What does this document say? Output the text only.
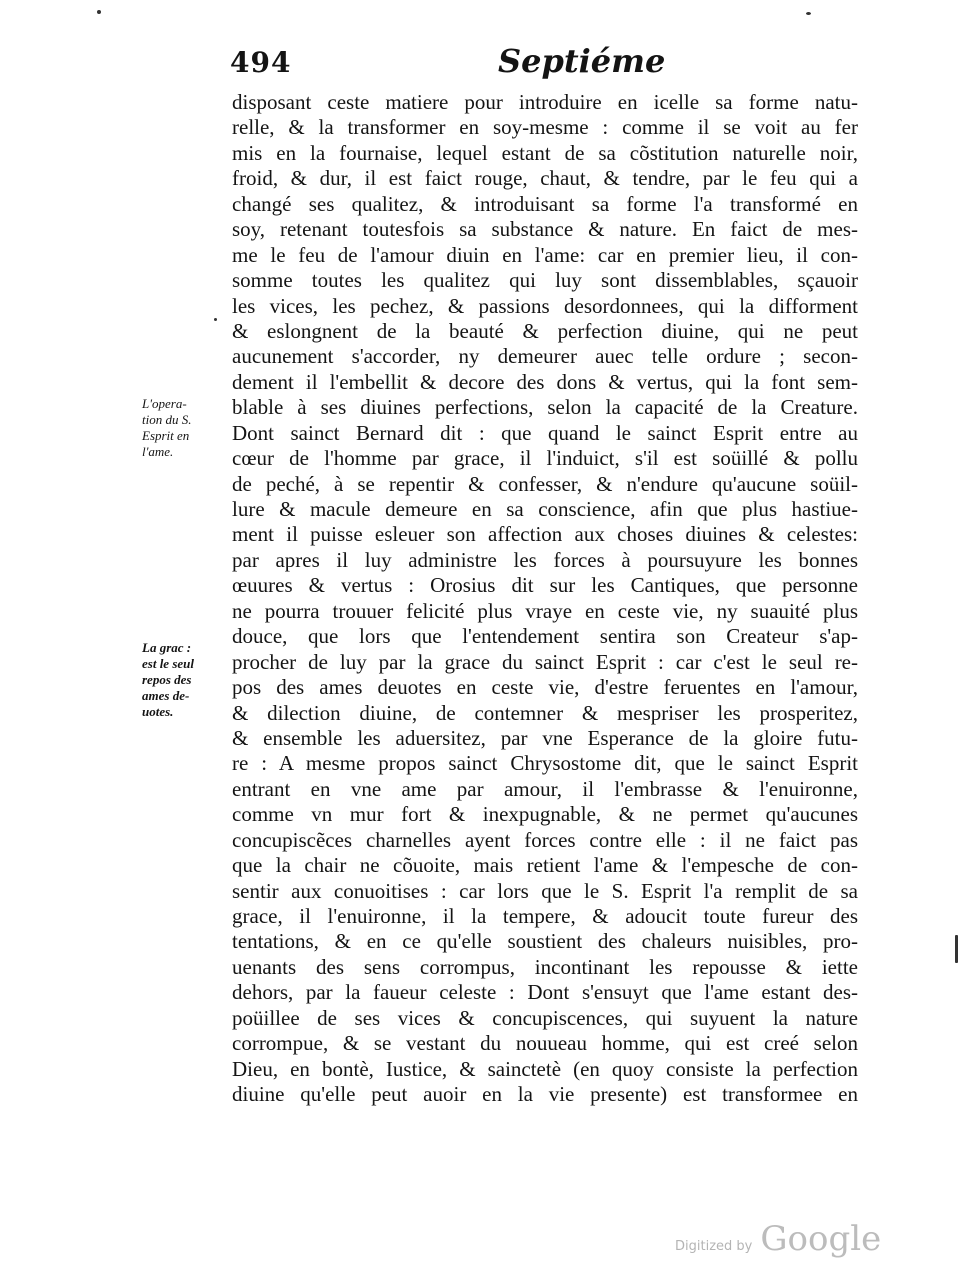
494	Septiéme
L'opera-
tion du S.
Esprit en
l'ame.
La grac :
est le seul
repos des
ames de-
uotes.
disposant ceste matiere pour introduire en icelle sa forme natu-
relle, & la transformer en soy-mesme : comme il se voit au fer
mis en la fournaise, lequel estant de sa cõstitution naturelle noir,
froid, & dur, il est faict rouge, chaut, & tendre, par le feu qui a
changé ses qualitez, & introduisant sa forme l'a transformé en
soy, retenant toutesfois sa substance & nature. En faict de mes-
me le feu de l'amour diuin en l'ame: car en premier lieu, il con-
somme toutes les qualitez qui luy sont dissemblables, sçauoir
les vices, les pechez, & passions desordonnees, qui la difforment
& eslongnent de la beauté & perfection diuine, qui ne peut
aucunement s'accorder, ny demeurer auec telle ordure ; secon-
dement il l'embellit & decore des dons & vertus, qui la font sem-
blable à ses diuines perfections, selon la capacité de la Creature.
Dont sainct Bernard dit : que quand le sainct Esprit entre au
cœur de l'homme par grace, il l'induict, s'il est soüillé & pollu
de peché, à se repentir & confesser, & n'endure qu'aucune soüil-
lure & macule demeure en sa conscience, afin que plus hastiue-
ment il puisse esleuer son affection aux choses diuines & celestes:
par apres il luy administre les forces à poursuyure les bonnes
œuures & vertus : Orosius dit sur les Cantiques, que personne
ne pourra trouuer felicité plus vraye en ceste vie, ny suauité plus
douce, que lors que l'entendement sentira son Createur s'ap-
procher de luy par la grace du sainct Esprit : car c'est le seul re-
pos des ames deuotes en ceste vie, d'estre feruentes en l'amour,
& dilection diuine, de contemner & mespriser les prosperitez,
& ensemble les aduersitez, par vne Esperance de la gloire futu-
re : A mesme propos sainct Chrysostome dit, que le sainct Esprit
entrant en vne ame par amour, il l'embrasse & l'enuironne,
comme vn mur fort & inexpugnable, & ne permet qu'aucunes
concupiscẽces charnelles ayent forces contre elle : il ne faict pas
que la chair ne cõuoite, mais retient l'ame & l'empesche de con-
sentir aux conuoitises : car lors que le S. Esprit l'a remplit de sa
grace, il l'enuironne, il la tempere, & adoucit toute fureur des
tentations, & en ce qu'elle soustient des chaleurs nuisibles, pro-
uenants des sens corrompus, incontinant les repousse & iette
dehors, par la faueur celeste : Dont s'ensuyt que l'ame estant des-
poüillee de ses vices & concupiscences, qui suyuent la nature
corrompue, & se vestant du nouueau homme, qui est creé selon
Dieu, en bontè, Iustice, & sainctetè (en quoy consiste la perfection
diuine qu'elle peut auoir en la vie presente) est transformee en
Digitized by Google
